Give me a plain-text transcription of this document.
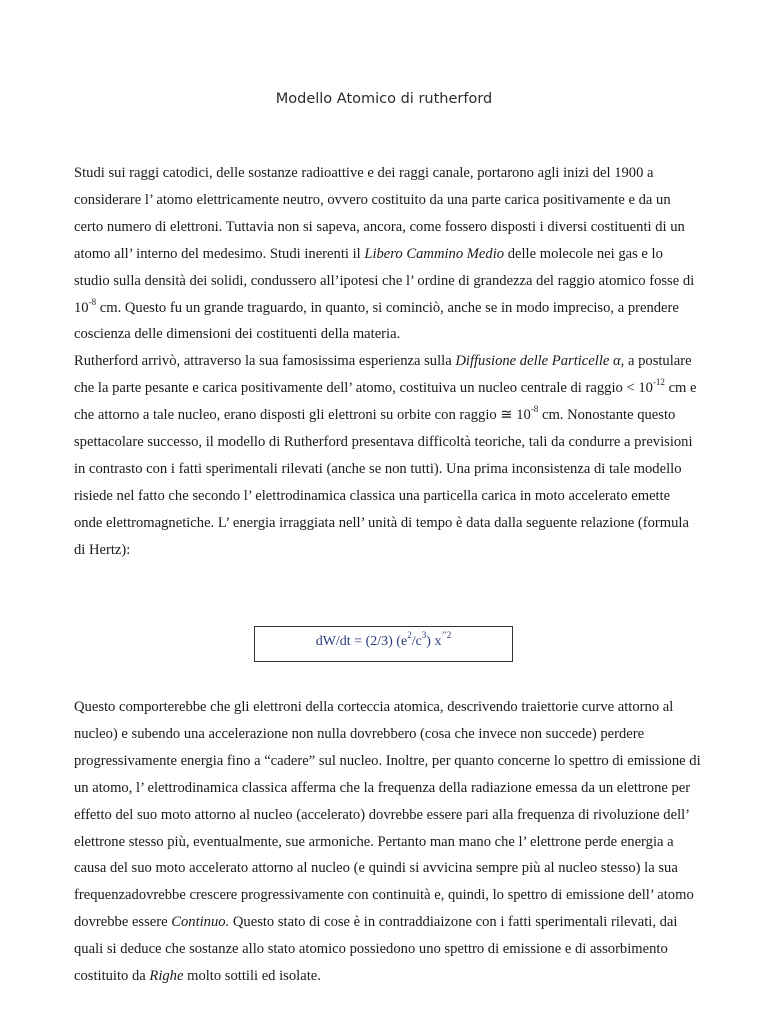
Modello Atomico di rutherford

Studi sui raggi catodici, delle sostanze radioattive e dei raggi canale, portarono agli inizi del 1900 a considerare l’ atomo elettricamente neutro, ovvero costituito da una parte carica positivamente e da un certo numero di elettroni. Tuttavia non si sapeva, ancora, come fossero disposti i diversi costituenti di un atomo all’ interno del medesimo. Studi inerenti il Libero Cammino Medio delle molecole nei gas e lo studio sulla densità dei solidi, condussero all’ipotesi che l’ ordine di grandezza del raggio atomico fosse di $10^{-8}$ cm. Questo fu un grande traguardo, in quanto, si cominciò, anche se in modo impreciso, a prendere coscienza delle dimensioni dei costituenti della materia.

Rutherford arrivò, attraverso la sua famosissima esperienza sulla Diffusione delle Particelle α, a postulare che la parte pesante e carica positivamente dell’ atomo, costituiva un nucleo centrale di raggio < $10^{-12}$ cm e che attorno a tale nucleo, erano disposti gli elettroni su orbite con raggio ≅ $10^{-8}$ cm. Nonostante questo spettacolare successo, il modello di Rutherford presentava difficoltà teoriche, tali da condurre a previsioni in contrasto con i fatti sperimentali rilevati (anche se non tutti). Una prima inconsistenza di tale modello risiede nel fatto che secondo l’ elettrodinamica classica una particella carica in moto accelerato emette onde elettromagnetiche. L’ energia irraggiata nell’ unità di tempo è data dalla seguente relazione (formula di Hertz):

dW/dt = (2/3) $(e^2/c^3)$ $x^{’’2}$

Questo comporterebbe che gli elettroni della corteccia atomica, descrivendo traiettorie curve attorno al nucleo) e subendo una accelerazione non nulla dovrebbero (cosa che invece non succede) perdere progressivamente energia fino a “cadere” sul nucleo. Inoltre, per quanto concerne lo spettro di emissione di un atomo, l’ elettrodinamica classica afferma che la frequenza della radiazione emessa da un elettrone per effetto del suo moto attorno al nucleo (accelerato) dovrebbe essere pari alla frequenza di rivoluzione dell’ elettrone stesso più, eventualmente, sue armoniche. Pertanto man mano che l’ elettrone perde energia a causa del suo moto accelerato attorno al nucleo (e quindi si avvicina sempre più al nucleo stesso) la sua frequenzadovrebbe crescere progressivamente con continuità e, quindi, lo spettro di emissione dell’ atomo dovrebbe essere Continuo. Questo stato di cose è in contraddiaizone con i fatti sperimentali rilevati, dai quali si deduce che sostanze allo stato atomico possiedono uno spettro di emissione e di assorbimento costituito da Righe molto sottili ed isolate.
